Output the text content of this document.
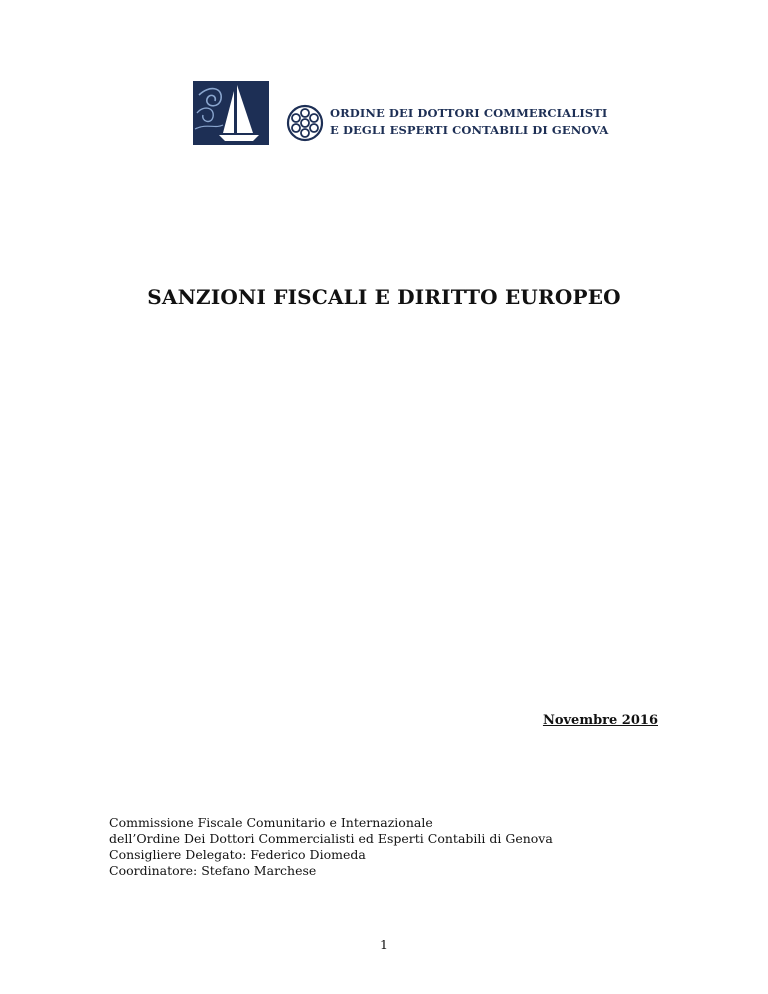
ORDINE DEI DOTTORI COMMERCIALISTI
E DEGLI ESPERTI CONTABILI DI GENOVA
SANZIONI FISCALI E DIRITTO EUROPEO
Novembre 2016
Commissione Fiscale Comunitario e Internazionale
dell’Ordine Dei Dottori Commercialisti ed Esperti Contabili di Genova
Consigliere Delegato: Federico Diomeda
Coordinatore: Stefano Marchese
1
